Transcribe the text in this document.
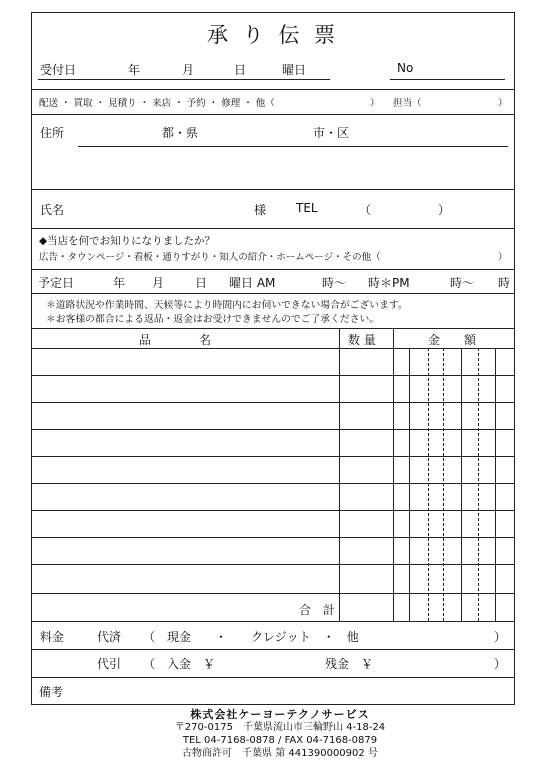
承 り 伝 票
受付日	年	月	日	曜日	No
配送 ・ 買取 ・ 見積り ・ 来店 ・ 予約 ・ 修理 ・ 他（	） 担当（	）
住所	都・県	市・区
氏名	様 TEL	（	）
◆当店を何でお知りになりましたか？
広告・タウンページ・看板・通りすがり・知人の紹介・ホームページ・その他（	）
予定日	年 月	日 曜日 AM	時〜 時＊PM	時〜 時
＊道路状況や作業時間、天候等により時間内にお伺いできない場合がございます。
＊お客様の都合による返品・返金はお受けできませんのでご了承ください。
品　　　　名	数 量	金　　額
合　計
料金	代済 （　現金　　・　　クレジット　・　他	）
代引 （　入金　￥	残金　￥	）
備考
株式会社ケーヨーテクノサービス
〒270-0175　千葉県流山市三輪野山 4-18-24
TEL 04-7168-0878 / FAX 04-7168-0879
古物商許可　千葉県 第 441390000902 号
